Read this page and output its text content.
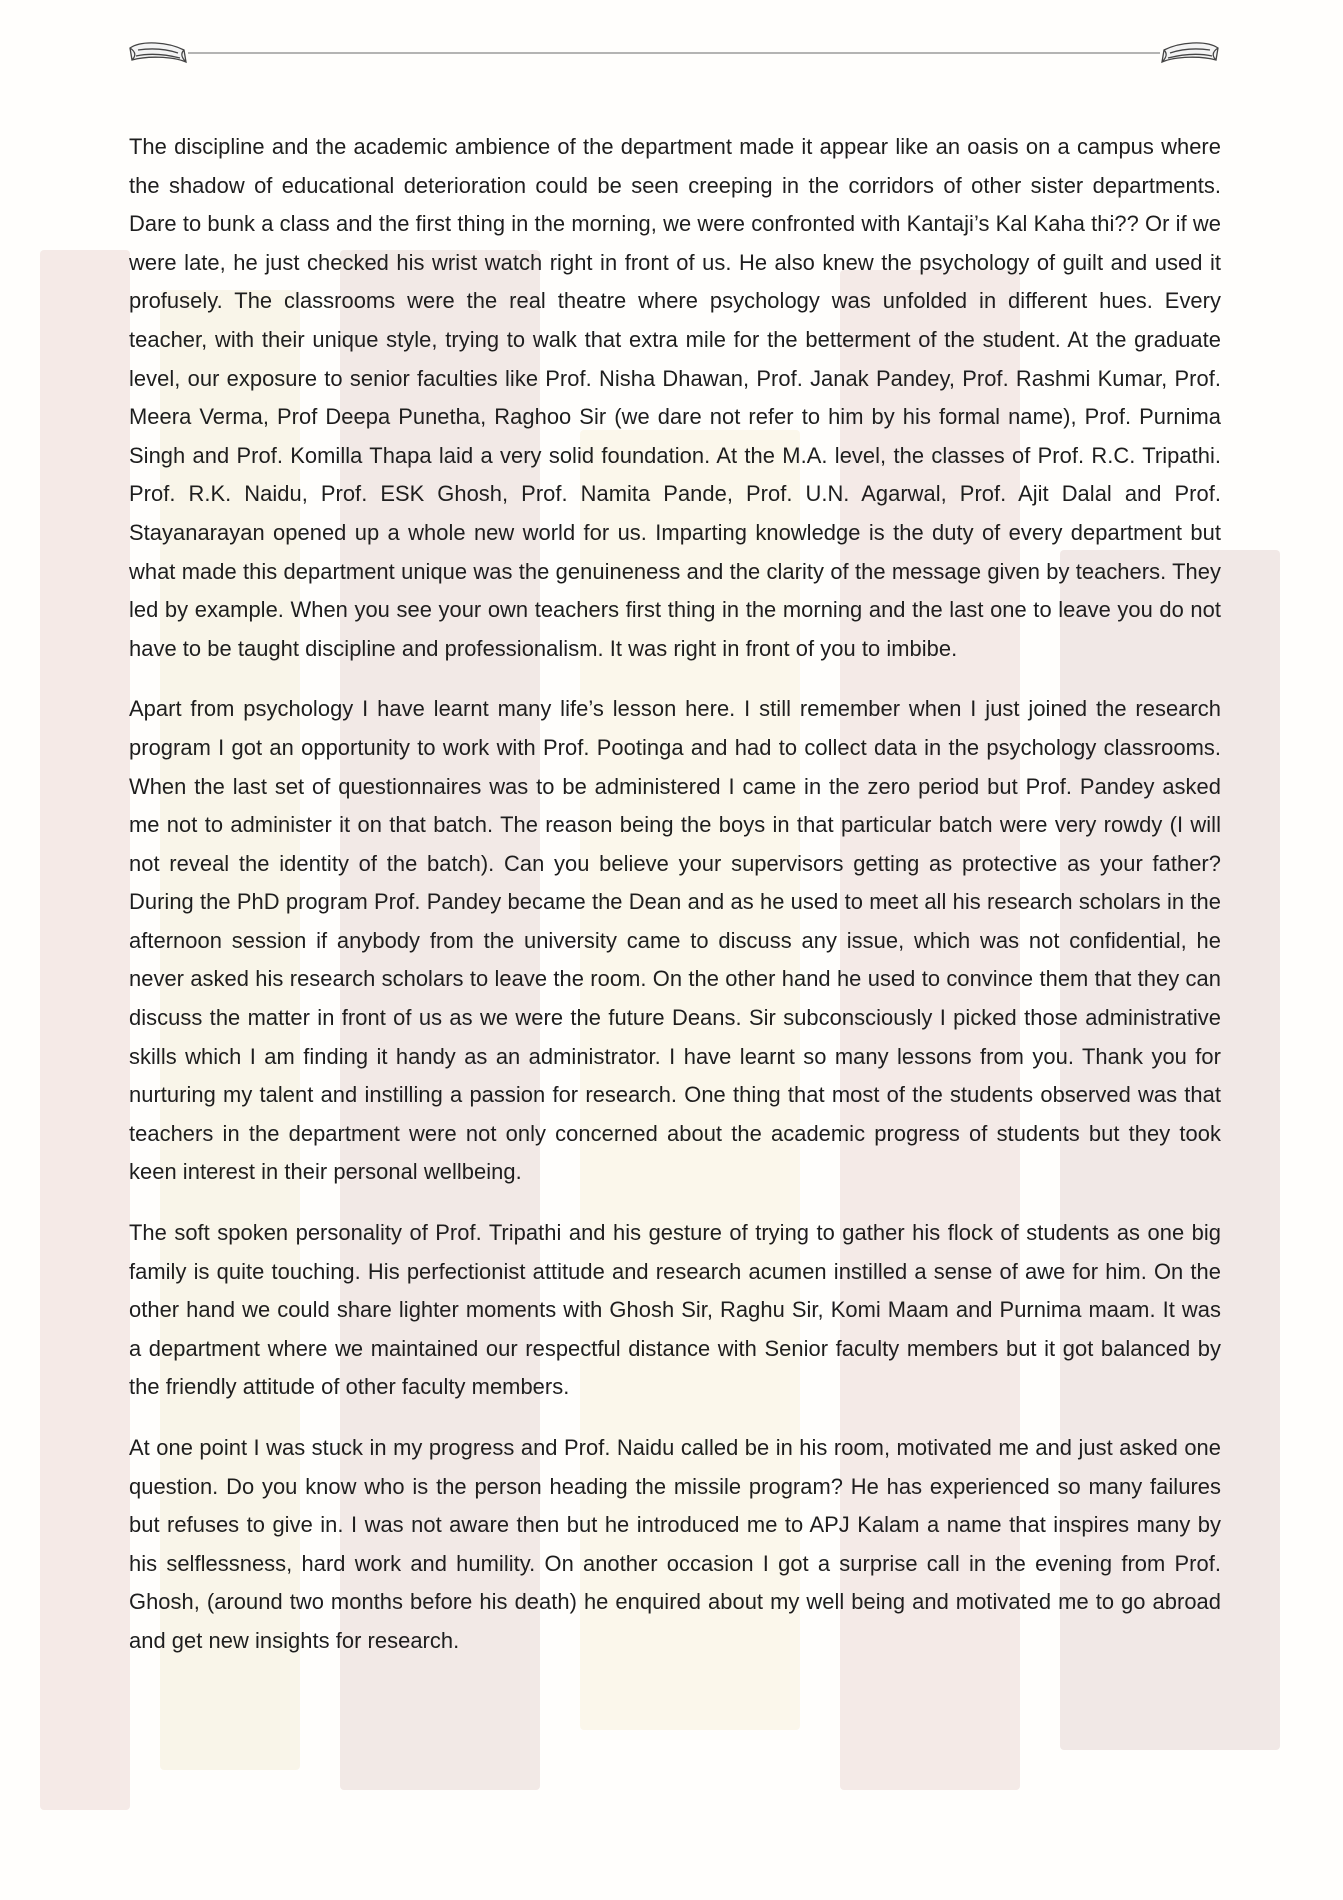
The discipline and the academic ambience of the department made it appear like an oasis on a campus where the shadow of educational deterioration could be seen creeping in the corridors of other sister departments. Dare to bunk a class and the first thing in the morning, we were confronted with Kantaji’s Kal Kaha thi?? Or if we were late, he just checked his wrist watch right in front of us. He also knew the psychology of guilt and used it profusely. The classrooms were the real theatre where psychology was unfolded in different hues. Every teacher, with their unique style, trying to walk that extra mile for the betterment of the student. At the graduate level, our exposure to senior faculties like Prof. Nisha Dhawan, Prof. Janak Pandey, Prof. Rashmi Kumar, Prof. Meera Verma, Prof Deepa Punetha, Raghoo Sir (we dare not refer to him by his formal name), Prof. Purnima Singh and Prof. Komilla Thapa laid a very solid foundation. At the M.A. level, the classes of Prof. R.C. Tripathi. Prof. R.K. Naidu, Prof. ESK Ghosh, Prof. Namita Pande, Prof. U.N. Agarwal, Prof. Ajit Dalal and Prof. Stayanarayan opened up a whole new world for us. Imparting knowledge is the duty of every department but what made this department unique was the genuineness and the clarity of the message given by teachers. They led by example. When you see your own teachers first thing in the morning and the last one to leave you do not have to be taught discipline and professionalism. It was right in front of you to imbibe.

Apart from psychology I have learnt many life’s lesson here. I still remember when I just joined the research program I got an opportunity to work with Prof. Pootinga and had to collect data in the psychology classrooms. When the last set of questionnaires was to be administered I came in the zero period but Prof. Pandey asked me not to administer it on that batch. The reason being the boys in that particular batch were very rowdy (I will not reveal the identity of the batch). Can you believe your supervisors getting as protective as your father? During the PhD program Prof. Pandey became the Dean and as he used to meet all his research scholars in the afternoon session if anybody from the university came to discuss any issue, which was not confidential, he never asked his research scholars to leave the room. On the other hand he used to convince them that they can discuss the matter in front of us as we were the future Deans. Sir subconsciously I picked those administrative skills which I am finding it handy as an administrator. I have learnt so many lessons from you. Thank you for nurturing my talent and instilling a passion for research. One thing that most of the students observed was that teachers in the department were not only concerned about the academic progress of students but they took keen interest in their personal wellbeing.

The soft spoken personality of Prof. Tripathi and his gesture of trying to gather his flock of students as one big family is quite touching. His perfectionist attitude and research acumen instilled a sense of awe for him. On the other hand we could share lighter moments with Ghosh Sir, Raghu Sir, Komi Maam and Purnima maam. It was a department where we maintained our respectful distance with Senior faculty members but it got balanced by the friendly attitude of other faculty members.

At one point I was stuck in my progress and Prof. Naidu called be in his room, motivated me and just asked one question. Do you know who is the person heading the missile program? He has experienced so many failures but refuses to give in. I was not aware then but he introduced me to APJ Kalam a name that inspires many by his selflessness, hard work and humility. On another occasion I got a surprise call in the evening from Prof. Ghosh, (around two months before his death) he enquired about my well being and motivated me to go abroad and get new insights for research.
